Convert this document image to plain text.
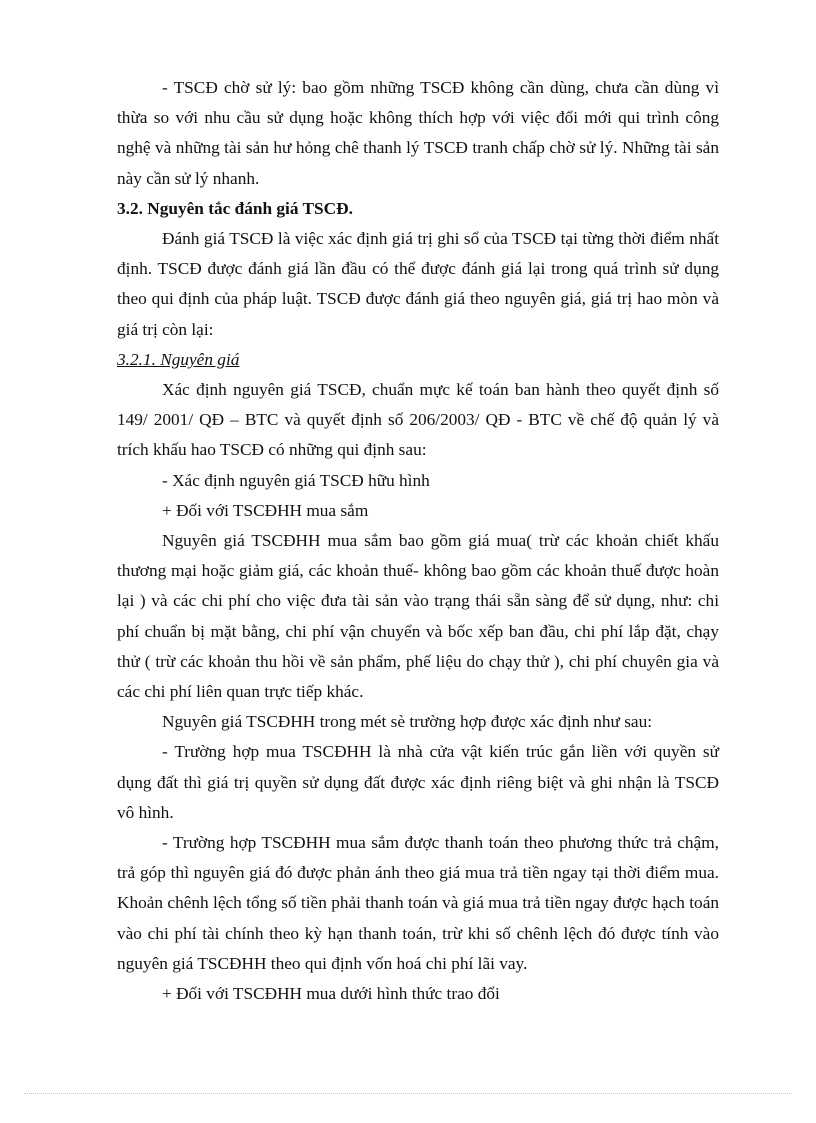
- TSCĐ chờ sử lý: bao gồm những TSCĐ không cần dùng, chưa cần dùng vì thừa so với nhu cầu sử dụng hoặc không thích hợp với việc đổi mới qui trình công nghệ và những tài sản hư hỏng chê thanh lý TSCĐ tranh chấp chờ sử lý. Những tài sản này cần sử lý nhanh.

3.2. Nguyên tắc đánh giá TSCĐ.

Đánh giá TSCĐ là việc xác định giá trị ghi sổ của TSCĐ tại từng thời điểm nhất định. TSCĐ được đánh giá lần đầu có thể được đánh giá lại trong quá trình sử dụng theo qui định của pháp luật. TSCĐ được đánh giá theo nguyên giá, giá trị hao mòn và giá trị còn lại:

3.2.1. Nguyên giá

Xác định nguyên giá TSCĐ, chuẩn mực kế toán ban hành theo quyết định số 149/ 2001/ QĐ – BTC và quyết định số 206/2003/ QĐ - BTC về chế độ quản lý và trích khấu hao TSCĐ có những qui định sau:

- Xác định nguyên giá TSCĐ hữu hình

+ Đối với TSCĐHH mua sắm

Nguyên giá TSCĐHH mua sắm bao gồm giá mua( trừ các khoản chiết khấu thương mại hoặc giảm giá, các khoản thuế- không bao gồm các khoản thuế được hoàn lại ) và các chi phí cho việc đưa tài sản vào trạng thái sẵn sàng để sử dụng, như: chi phí chuẩn bị mặt bằng, chi phí vận chuyển và bốc xếp ban đầu, chi phí lắp đặt, chạy thử ( trừ các khoản thu hồi về sản phẩm, phế liệu do chạy thử ), chi phí chuyên gia và các chi phí liên quan trực tiếp khác.

Nguyên giá TSCĐHH trong mét sè trường hợp được xác định như sau:

- Trường hợp mua TSCĐHH là nhà cửa vật kiến trúc gắn liền với quyền sử dụng đất thì giá trị quyền sử dụng đất được xác định riêng biệt và ghi nhận là TSCĐ vô hình.

- Trường hợp TSCĐHH mua sắm được thanh toán theo phương thức trả chậm, trả góp thì nguyên giá đó được phản ánh theo giá mua trả tiền ngay tại thời điểm mua. Khoản chênh lệch tổng số tiền phải thanh toán và giá mua trả tiền ngay được hạch toán vào chi phí tài chính theo kỳ hạn thanh toán, trừ khi số chênh lệch đó được tính vào nguyên giá TSCĐHH theo qui định vốn hoá chi phí lãi vay.

+ Đối với TSCĐHH mua dưới hình thức trao đổi
